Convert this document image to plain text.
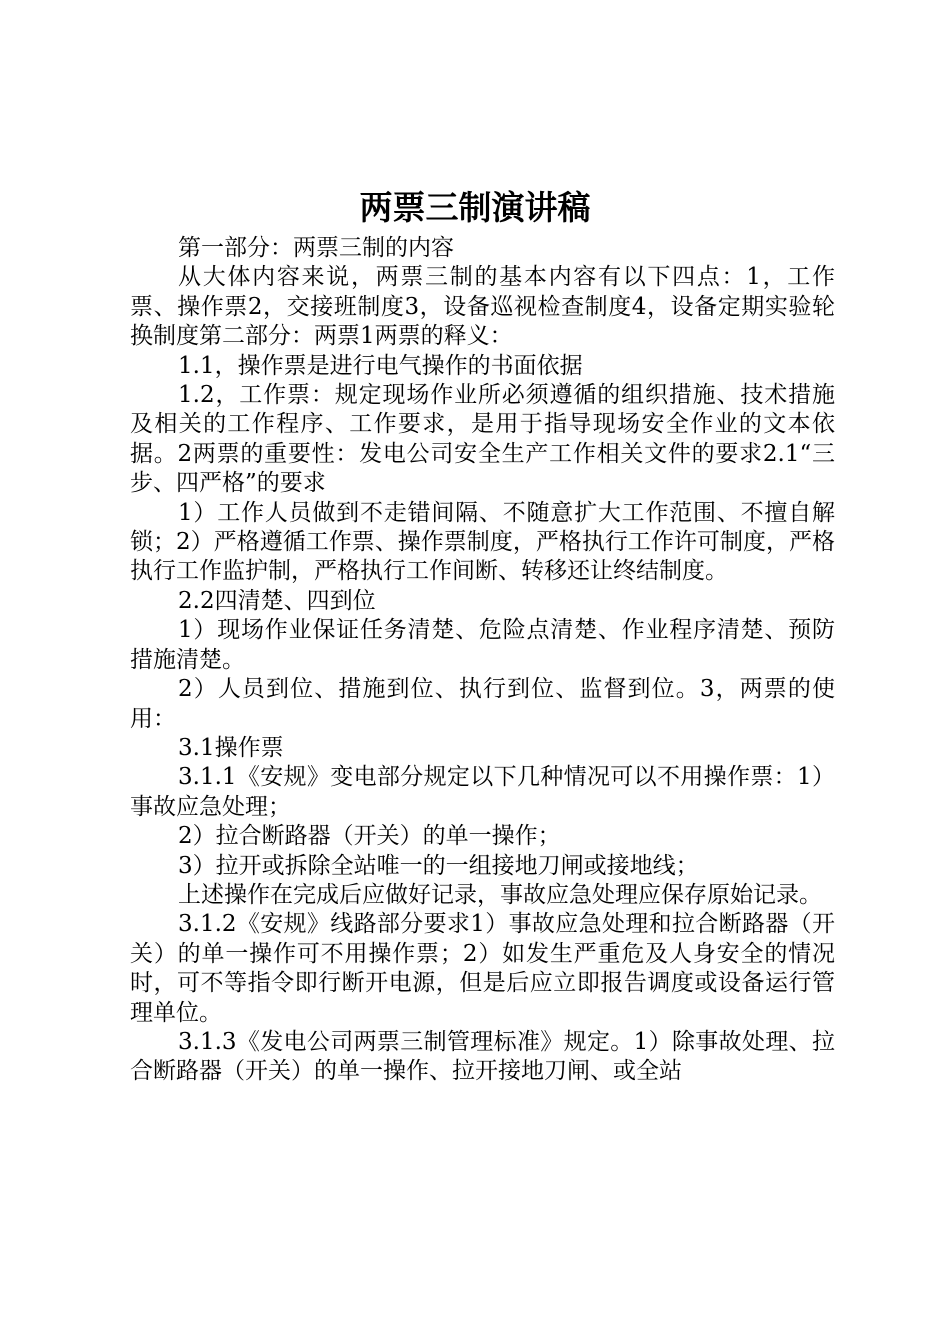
两票三制演讲稿

第一部分：两票三制的内容

从大体内容来说，两票三制的基本内容有以下四点：1，工作票、操作票2，交接班制度3，设备巡视检查制度4，设备定期实验轮换制度第二部分：两票1两票的释义：

1.1，操作票是进行电气操作的书面依据

1.2，工作票：规定现场作业所必须遵循的组织措施、技术措施及相关的工作程序、工作要求，是用于指导现场安全作业的文本依据。2两票的重要性：发电公司安全生产工作相关文件的要求2.1“三步、四严格”的要求

1）工作人员做到不走错间隔、不随意扩大工作范围、不擅自解锁；2）严格遵循工作票、操作票制度，严格执行工作许可制度，严格执行工作监护制，严格执行工作间断、转移还让终结制度。

2.2四清楚、四到位

1）现场作业保证任务清楚、危险点清楚、作业程序清楚、预防措施清楚。

2）人员到位、措施到位、执行到位、监督到位。3，两票的使用：

3.1操作票

3.1.1《安规》变电部分规定以下几种情况可以不用操作票：1）事故应急处理；

2）拉合断路器（开关）的单一操作；

3）拉开或拆除全站唯一的一组接地刀闸或接地线；

上述操作在完成后应做好记录，事故应急处理应保存原始记录。

3.1.2《安规》线路部分要求1）事故应急处理和拉合断路器（开关）的单一操作可不用操作票；2）如发生严重危及人身安全的情况时，可不等指令即行断开电源，但是后应立即报告调度或设备运行管理单位。

3.1.3《发电公司两票三制管理标准》规定。1）除事故处理、拉合断路器（开关）的单一操作、拉开接地刀闸、或全站
